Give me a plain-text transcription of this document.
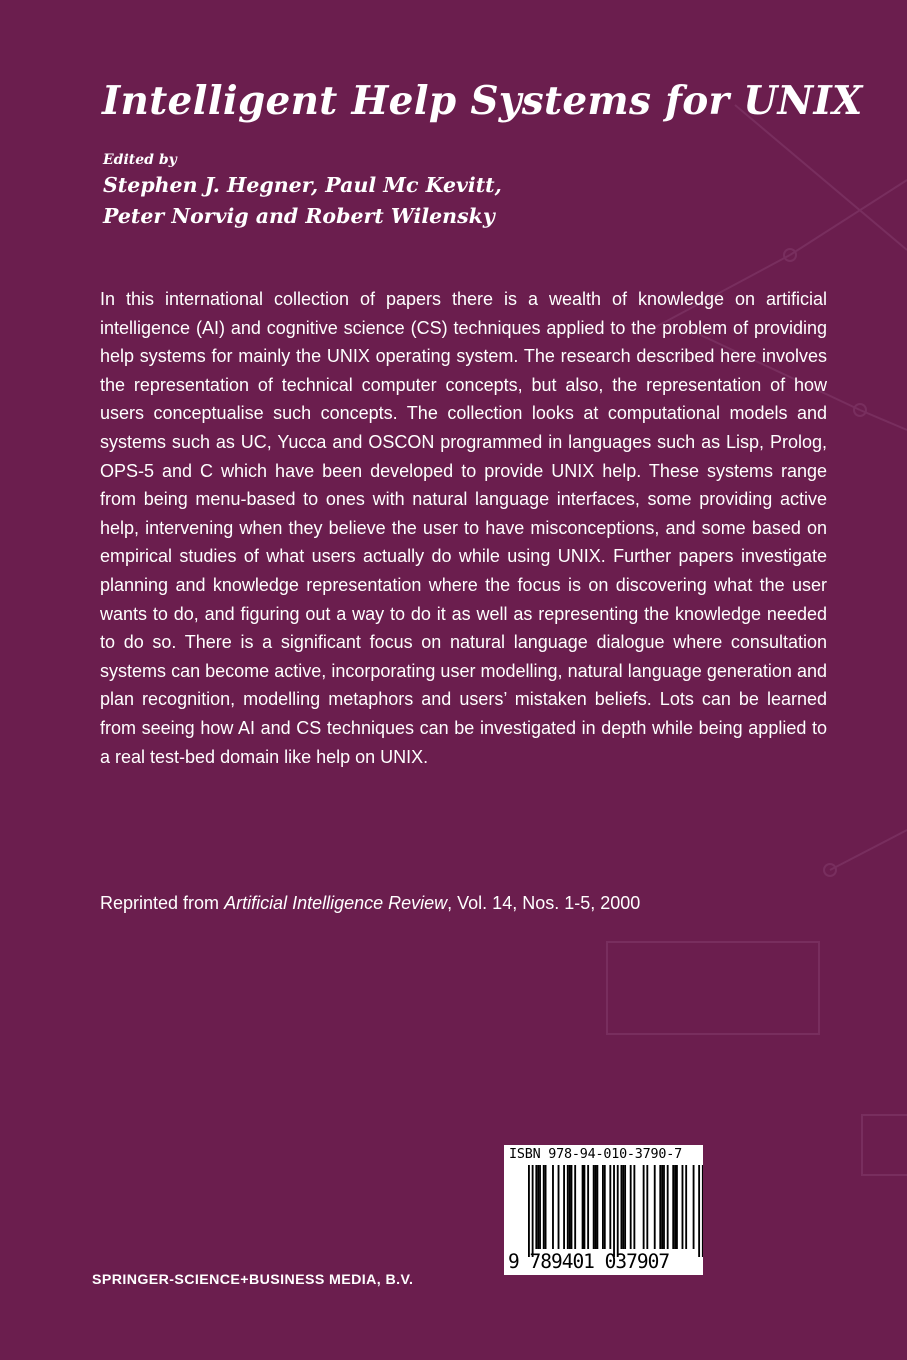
Intelligent Help Systems for UNIX
Edited by
Stephen J. Hegner, Paul Mc Kevitt,
Peter Norvig and Robert Wilensky
In this international collection of papers there is a wealth of knowledge on artificial intelligence (AI) and cognitive science (CS) techniques applied to the problem of providing help systems for mainly the UNIX operating system. The research described here involves the representation of technical computer concepts, but also, the representation of how users conceptualise such concepts. The collection looks at computational models and systems such as UC, Yucca and OSCON programmed in languages such as Lisp, Prolog, OPS-5 and C which have been developed to provide UNIX help. These systems range from being menu-based to ones with natural language interfaces, some providing active help, intervening when they believe the user to have misconceptions, and some based on empirical studies of what users actually do while using UNIX. Further papers investigate planning and knowledge representation where the focus is on discovering what the user wants to do, and figuring out a way to do it as well as representing the knowledge needed to do so. There is a significant focus on natural language dialogue where consultation systems can become active, incorporating user modelling, natural language generation and plan recognition, modelling metaphors and users’ mistaken beliefs. Lots can be learned from seeing how AI and CS techniques can be investigated in depth while being applied to a real test-bed domain like help on UNIX.
Reprinted from Artificial Intelligence Review, Vol. 14, Nos. 1-5, 2000
ISBN 978-94-010-3790-7
9 789401 037907
SPRINGER-SCIENCE+BUSINESS MEDIA, B.V.
